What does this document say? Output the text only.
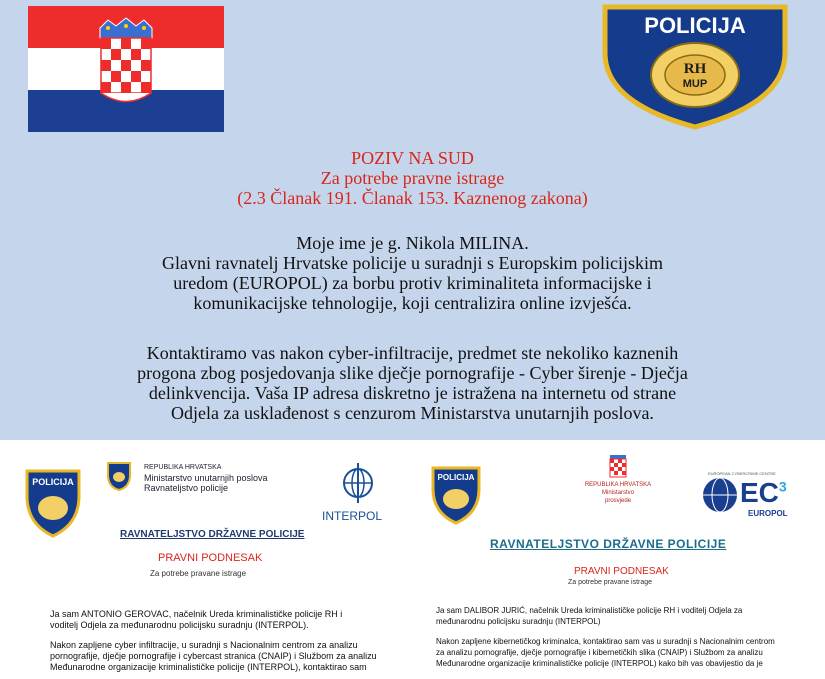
POLICIJA
RH
MUP
POZIV NA SUD
Za potrebe pravne istrage
(2.3 Članak 191. Članak 153. Kaznenog zakona)
Moje ime je g. Nikola MILINA.
Glavni ravnatelj Hrvatske policije u suradnji s Europskim policijskim
uredom (EUROPOL) za borbu protiv kriminaliteta informacijske i
komunikacijske tehnologije, koji centralizira online izvješća.
Kontaktiramo vas nakon cyber-infiltracije, predmet ste nekoliko kaznenih
progona zbog posjedovanja slike dječje pornografije - Cyber širenje - Dječja
delinkvencija. Vaša IP adresa diskretno je istražena na internetu od strane
Odjela za usklađenost s cenzurom Ministarstva unutarnjih poslova.
POLICIJA
REPUBLIKA HRVATSKA
Ministarstvo unutarnjih poslova
Ravnateljstvo policije
INTERPOL
RAVNATELJSTVO DRŽAVNE POLICIJE
PRAVNI PODNESAK
Za potrebe pravane istrage
Ja sam ANTONIO GEROVAC, načelnik Ureda kriminalističke policije RH i
voditelj Odjela za međunarodnu policijsku suradnju (INTERPOL).
Nakon zapljene cyber infiltracije, u suradnji s Nacionalnim centrom za analizu
pornografije, dječje pornografije i cybercast stranica (CNAIP) i Službom za analizu
Međunarodne organizacije kriminalističke policije (INTERPOL), kontaktirao sam
POLICIJA
REPUBLIKA HRVATSKA
Ministarstvo
prosvjede
EUROPEAN CYBERCRIME CENTRE
$EC^3$
EUROPOL
RAVNATELJSTVO DRŽAVNE POLICIJE
PRAVNI PODNESAK
Za potrebe pravane istrage
Ja sam DALIBOR JURIĆ, načelnik Ureda kriminalističke policije RH i voditelj Odjela za
međunarodnu policijsku suradnju (INTERPOL)
Nakon zapljene kibernetičkog kriminalca, kontaktirao sam vas u suradnji s Nacionalnim centrom
za analizu pornografije, dječje pornografije i kibernetičkih slika (CNAIP) i Službom za analizu
Međunarodne organizacije kriminalističke policije (INTERPOL) kako bih vas obavijestio da je
